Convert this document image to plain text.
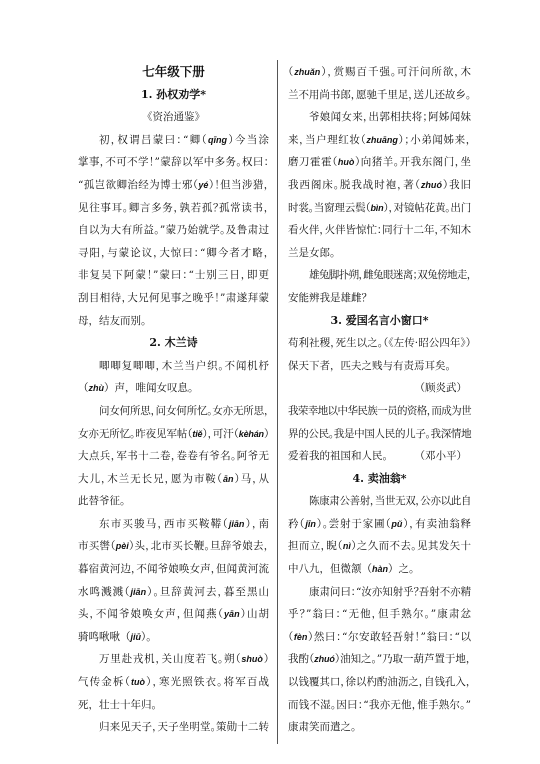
七年级下册
1. 孙权劝学*
《资治通鉴》
初，权谓吕蒙曰：“卿（qīng）今当涂
掌事，不可不学！”蒙辞以军中多务。权曰：
“孤岂欲卿治经为博士邪（yé）！但当涉猎，
见往事耳。卿言多务，孰若孤？孤常读书，
自以为大有所益。”蒙乃始就学。及鲁肃过
寻阳，与蒙论议，大惊曰：“卿今者才略，
非复吴下阿蒙！”蒙曰：“士别三日，即更
刮目相待，大兄何见事之晚乎！”肃遂拜蒙
母，结友而别。
2. 木兰诗
唧唧复唧唧，木兰当户织。不闻机杼
（zhù）声，唯闻女叹息。
问女何所思，问女何所忆。女亦无所思，
女亦无所忆。昨夜见军帖（tiě），可汗（kèhán）
大点兵，军书十二卷，卷卷有爷名。阿爷无
大儿，木兰无长兄，愿为市鞍（ān）马，从
此替爷征。
东市买骏马，西市买鞍鞯（jiān），南
市买辔（pèi）头，北市买长鞭。旦辞爷娘去，
暮宿黄河边，不闻爷娘唤女声，但闻黄河流
水鸣溅溅（jiān）。旦辞黄河去，暮至黑山
头，不闻爷娘唤女声，但闻燕（yān）山胡
骑鸣啾啾（jiū）。
万里赴戎机，关山度若飞。朔（shuò）
气传金柝（tuò），寒光照铁衣。将军百战
死，壮士十年归。
归来见天子，天子坐明堂。策勋十二转
（zhuǎn），赏赐百千强。可汗问所欲，木
兰不用尚书郎，愿驰千里足，送儿还故乡。
爷娘闻女来，出郭相扶将；阿姊闻妹
来，当户理红妆（zhuāng）；小弟闻姊来，
磨刀霍霍（huò）向猪羊。开我东阁门，坐
我西阁床。脱我战时袍，著（zhuó）我旧
时裳。当窗理云鬓（bìn），对镜帖花黄。出门
看火伴，火伴皆惊忙：同行十二年，不知木
兰是女郎。
雄兔脚扑朔，雌兔眼迷离；双兔傍地走，
安能辨我是雄雌？
3. 爱国名言小窗口*
苟利社稷，死生以之。（《左传·昭公四年》）
保天下者，匹夫之贱与有责焉耳矣。
（顾炎武）
我荣幸地以中华民族一员的资格，而成为世
界的公民。我是中国人民的儿子。我深情地
爱着我的祖国和人民。 （邓小平）
4. 卖油翁*
陈康肃公善射，当世无双，公亦以此自
矜（jīn）。尝射于家圃（pǔ），有卖油翁释
担而立，睨（nì）之久而不去。见其发矢十
中八九，但微颔（hàn）之。
康肃问曰：“汝亦知射乎？吾射不亦精
乎？”翁曰：“无他，但手熟尔。”康肃忿
（fèn）然曰：“尔安敢轻吾射！”翁曰：“以
我酌（zhuó）油知之。”乃取一葫芦置于地，
以钱覆其口，徐以杓酌油沥之，自钱孔入，
而钱不湿。因曰：“我亦无他，惟手熟尔。”
康肃笑而遣之。
